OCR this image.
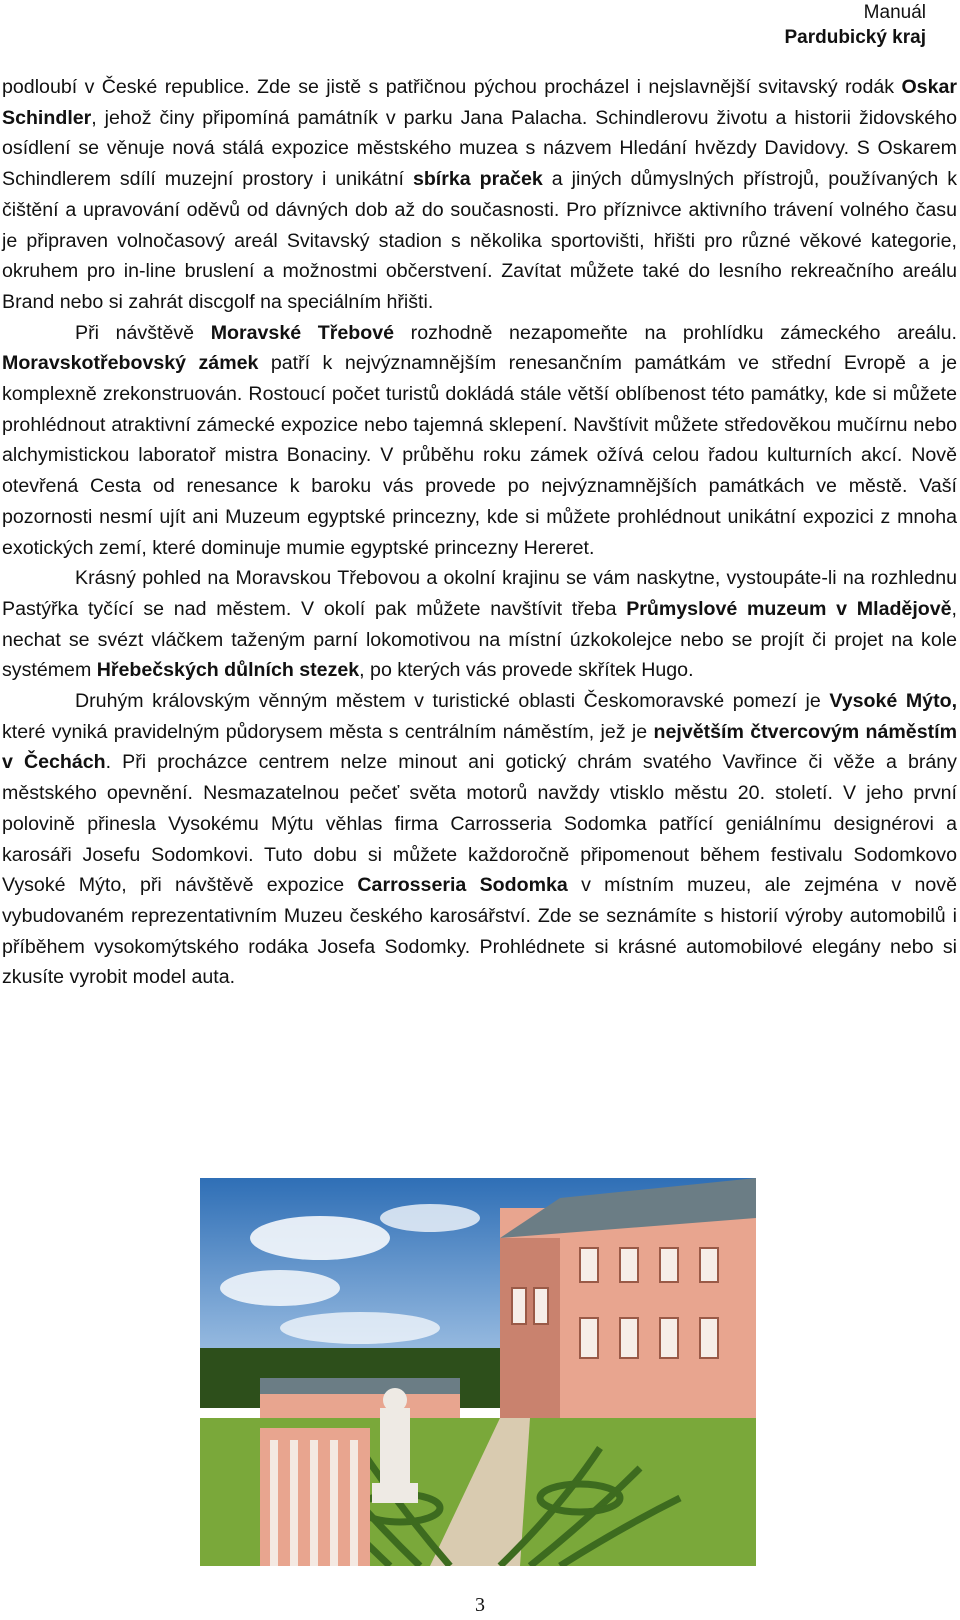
Manuál
Pardubický kraj

podloubí v České republice. Zde se jistě s patřičnou pýchou procházel i nejslavnější svitavský rodák Oskar Schindler, jehož činy připomíná památník v parku Jana Palacha. Schindlerovu životu a historii židovského osídlení se věnuje nová stálá expozice městského muzea s názvem Hledání hvězdy Davidovy. S Oskarem Schindlerem sdílí muzejní prostory i unikátní sbírka praček a jiných důmyslných přístrojů, používaných k čištění a upravování oděvů od dávných dob až do současnosti. Pro příznivce aktivního trávení volného času je připraven volnočasový areál Svitavský stadion s několika sportovišti, hřišti pro různé věkové kategorie, okruhem pro in-line bruslení a možnostmi občerstvení. Zavítat můžete také do lesního rekreačního areálu Brand nebo si zahrát discgolf na speciálním hřišti.

Při návštěvě Moravské Třebové rozhodně nezapomeňte na prohlídku zámeckého areálu. Moravskotřebovský zámek patří k nejvýznamnějším renesančním památkám ve střední Evropě a je komplexně zrekonstruován. Rostoucí počet turistů dokládá stále větší oblíbenost této památky, kde si můžete prohlédnout atraktivní zámecké expozice nebo tajemná sklepení. Navštívit můžete středověkou mučírnu nebo alchymistickou laboratoř mistra Bonaciny. V průběhu roku zámek ožívá celou řadou kulturních akcí. Nově otevřená Cesta od renesance k baroku vás provede po nejvýznamnějších památkách ve městě. Vaší pozornosti nesmí ujít ani Muzeum egyptské princezny, kde si můžete prohlédnout unikátní expozici z mnoha exotických zemí, které dominuje mumie egyptské princezny Hereret.

Krásný pohled na Moravskou Třebovou a okolní krajinu se vám naskytne, vystoupáte-li na rozhlednu Pastýřka tyčící se nad městem. V okolí pak můžete navštívit třeba Průmyslové muzeum v Mladějově, nechat se svézt vláčkem taženým parní lokomotivou na místní úzkokolejce nebo se projít či projet na kole systémem Hřebečských důlních stezek, po kterých vás provede skřítek Hugo.

Druhým královským věnným městem v turistické oblasti Českomoravské pomezí je Vysoké Mýto, které vyniká pravidelným půdorysem města s centrálním náměstím, jež je největším čtvercovým náměstím v Čechách. Při procházce centrem nelze minout ani gotický chrám svatého Vavřince či věže a brány městského opevnění. Nesmazatelnou pečeť světa motorů navždy vtisklo městu 20. století. V jeho první polovině přinesla Vysokému Mýtu věhlas firma Carrosseria Sodomka patřící geniálnímu designérovi a karosáři Josefu Sodomkovi. Tuto dobu si můžete každoročně připomenout během festivalu Sodomkovo Vysoké Mýto, při návštěvě expozice Carrosseria Sodomka v místním muzeu, ale zejména v nově vybudovaném reprezentativním Muzeu českého karosářství. Zde se seznámíte s historií výroby automobilů i příběhem vysokomýtského rodáka Josefa Sodomky. Prohlédnete si krásné automobilové elegány nebo si zkusíte vyrobit model auta.

3
